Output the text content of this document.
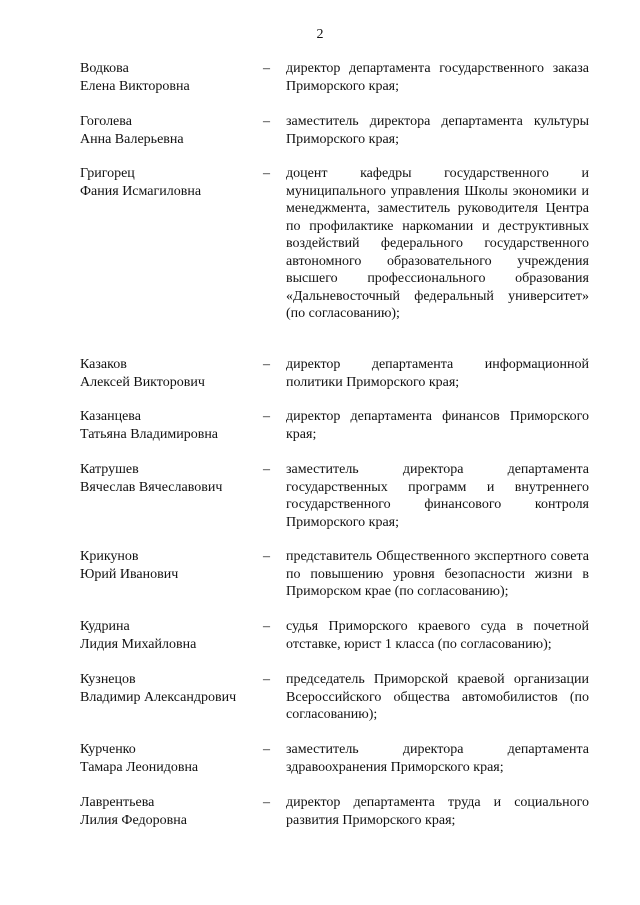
2
Водкова
Елена Викторовна
– директор департамента государственного заказа Приморского края;
Гоголева
Анна Валерьевна
– заместитель директора департамента культуры Приморского края;
Григорец
Фания Исмагиловна
– доцент кафедры государственного и муниципального управления Школы экономики и менеджмента, заместитель руководителя Центра по профилактике наркомании и деструктивных воздействий федерального государственного автономного образовательного учреждения высшего профессионального образования «Дальневосточный федеральный университет» (по согласованию);
Казаков
Алексей Викторович
– директор департамента информационной политики Приморского края;
Казанцева
Татьяна Владимировна
– директор департамента финансов Приморского края;
Катрушев
Вячеслав Вячеславович
– заместитель директора департамента государственных программ и внутреннего государственного финансового контроля Приморского края;
Крикунов
Юрий Иванович
– представитель Общественного экспертного совета по повышению уровня безопасности жизни в Приморском крае (по согласованию);
Кудрина
Лидия Михайловна
– судья Приморского краевого суда в почетной отставке, юрист 1 класса (по согласованию);
Кузнецов
Владимир Александрович
– председатель Приморской краевой организации Всероссийского общества автомобилистов (по согласованию);
Курченко
Тамара Леонидовна
– заместитель директора департамента здравоохранения Приморского края;
Лаврентьева
Лилия Федоровна
– директор департамента труда и социального развития Приморского края;
